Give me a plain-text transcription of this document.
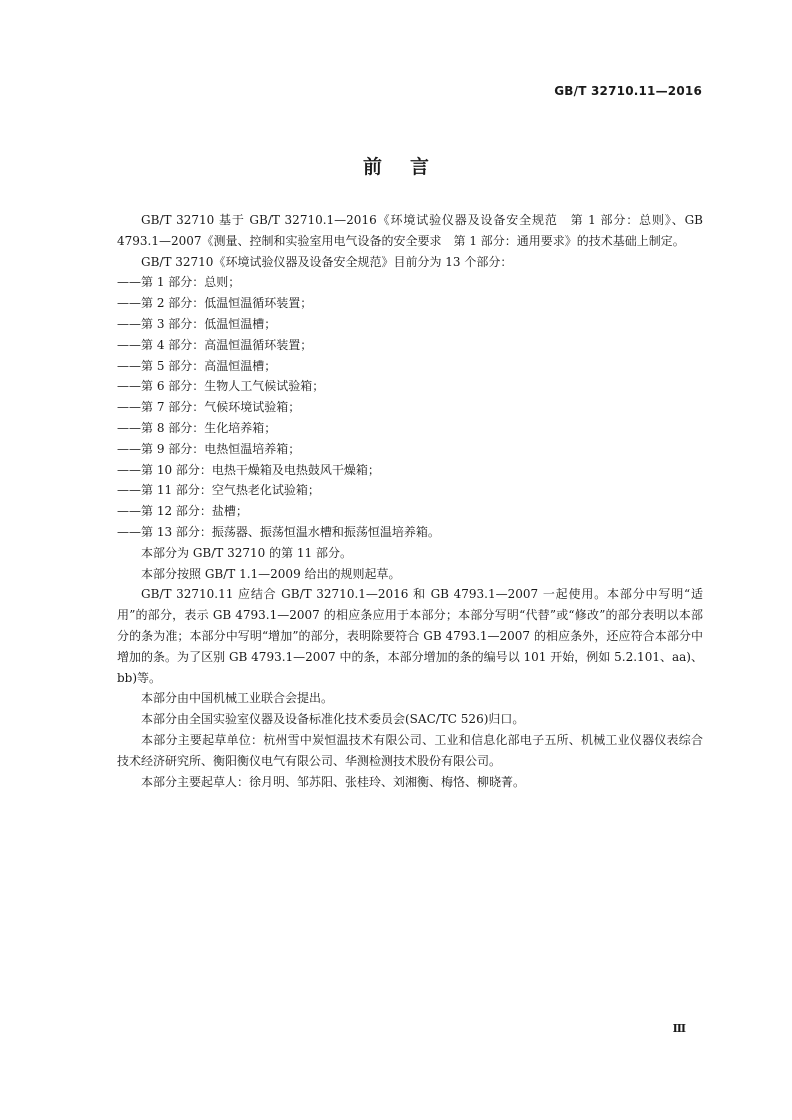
GB/T 32710.11—2016
前言

GB/T 32710 基于 GB/T 32710.1—2016《环境试验仪器及设备安全规范　第 1 部分：总则》、GB 4793.1—2007《测量、控制和实验室用电气设备的安全要求　第 1 部分：通用要求》的技术基础上制定。

GB/T 32710《环境试验仪器及设备安全规范》目前分为 13 个部分：

——第 1 部分：总则；

——第 2 部分：低温恒温循环装置；

——第 3 部分：低温恒温槽；

——第 4 部分：高温恒温循环装置；

——第 5 部分：高温恒温槽；

——第 6 部分：生物人工气候试验箱；

——第 7 部分：气候环境试验箱；

——第 8 部分：生化培养箱；

——第 9 部分：电热恒温培养箱；

——第 10 部分：电热干燥箱及电热鼓风干燥箱；

——第 11 部分：空气热老化试验箱；

——第 12 部分：盐槽；

——第 13 部分：振荡器、振荡恒温水槽和振荡恒温培养箱。

本部分为 GB/T 32710 的第 11 部分。

本部分按照 GB/T 1.1—2009 给出的规则起草。

GB/T 32710.11 应结合 GB/T 32710.1—2016 和 GB 4793.1—2007 一起使用。本部分中写明“适用”的部分，表示 GB 4793.1—2007 的相应条应用于本部分；本部分写明“代替”或“修改”的部分表明以本部分的条为准；本部分中写明“增加”的部分，表明除要符合 GB 4793.1—2007 的相应条外，还应符合本部分中增加的条。为了区别 GB 4793.1—2007 中的条，本部分增加的条的编号以 101 开始，例如 5.2.101、aa)、bb)等。

本部分由中国机械工业联合会提出。

本部分由全国实验室仪器及设备标准化技术委员会(SAC/TC 526)归口。

本部分主要起草单位：杭州雪中炭恒温技术有限公司、工业和信息化部电子五所、机械工业仪器仪表综合技术经济研究所、衡阳衡仪电气有限公司、华测检测技术股份有限公司。

本部分主要起草人：徐月明、邹苏阳、张桂玲、刘湘衡、梅恪、柳晓菁。

Ⅲ
